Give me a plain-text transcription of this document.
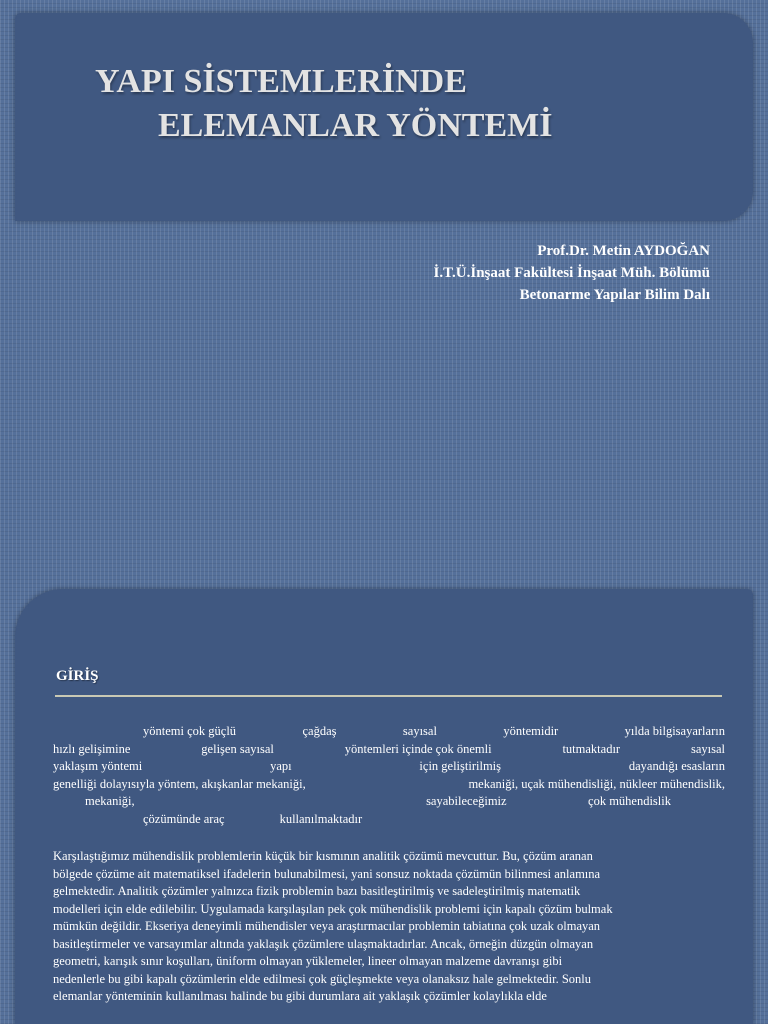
YAPI SİSTEMLERİNDE
ELEMANLAR YÖNTEMİ
Prof.Dr. Metin AYDOĞAN
İ.T.Ü.İnşaat Fakültesi İnşaat Müh. Bölümü
Betonarme Yapılar Bilim Dalı
GİRİŞ
yöntemi çok güçlü	çağdaş	sayısal	yöntemidir	yılda bilgisayarların
hızlı gelişimine	gelişen sayısal	yöntemleri içinde çok önemli	tutmaktadır	sayısal
yaklaşım yöntemi	yapı	için geliştirilmiş	dayandığı esasların
genelliği dolayısıyla yöntem, akışkanlar mekaniği,	mekaniği, uçak mühendisliği, nükleer mühendislik,
mekaniği,	sayabileceğimiz	çok mühendislik
çözümünde araç	kullanılmaktadır
Karşılaştığımız mühendislik problemlerin küçük bir kısmının analitik çözümü mevcuttur. Bu, çözüm aranan
bölgede çözüme ait matematiksel ifadelerin bulunabilmesi, yani sonsuz noktada çözümün bilinmesi anlamına
gelmektedir. Analitik çözümler yalnızca fizik problemin bazı basitleştirilmiş ve sadeleştirilmiş matematik
modelleri için elde edilebilir. Uygulamada karşılaşılan pek çok mühendislik problemi için kapalı çözüm bulmak
mümkün değildir. Ekseriya deneyimli mühendisler veya araştırmacılar problemin tabiatına çok uzak olmayan
basitleştirmeler ve varsayımlar altında yaklaşık çözümlere ulaşmaktadırlar. Ancak, örneğin düzgün olmayan
geometri, karışık sınır koşulları, üniform olmayan yüklemeler, lineer olmayan malzeme davranışı gibi
nedenlerle bu gibi kapalı çözümlerin elde edilmesi çok güçleşmekte veya olanaksız hale gelmektedir. Sonlu
elemanlar yönteminin kullanılması halinde bu gibi durumlara ait yaklaşık çözümler kolaylıkla elde
